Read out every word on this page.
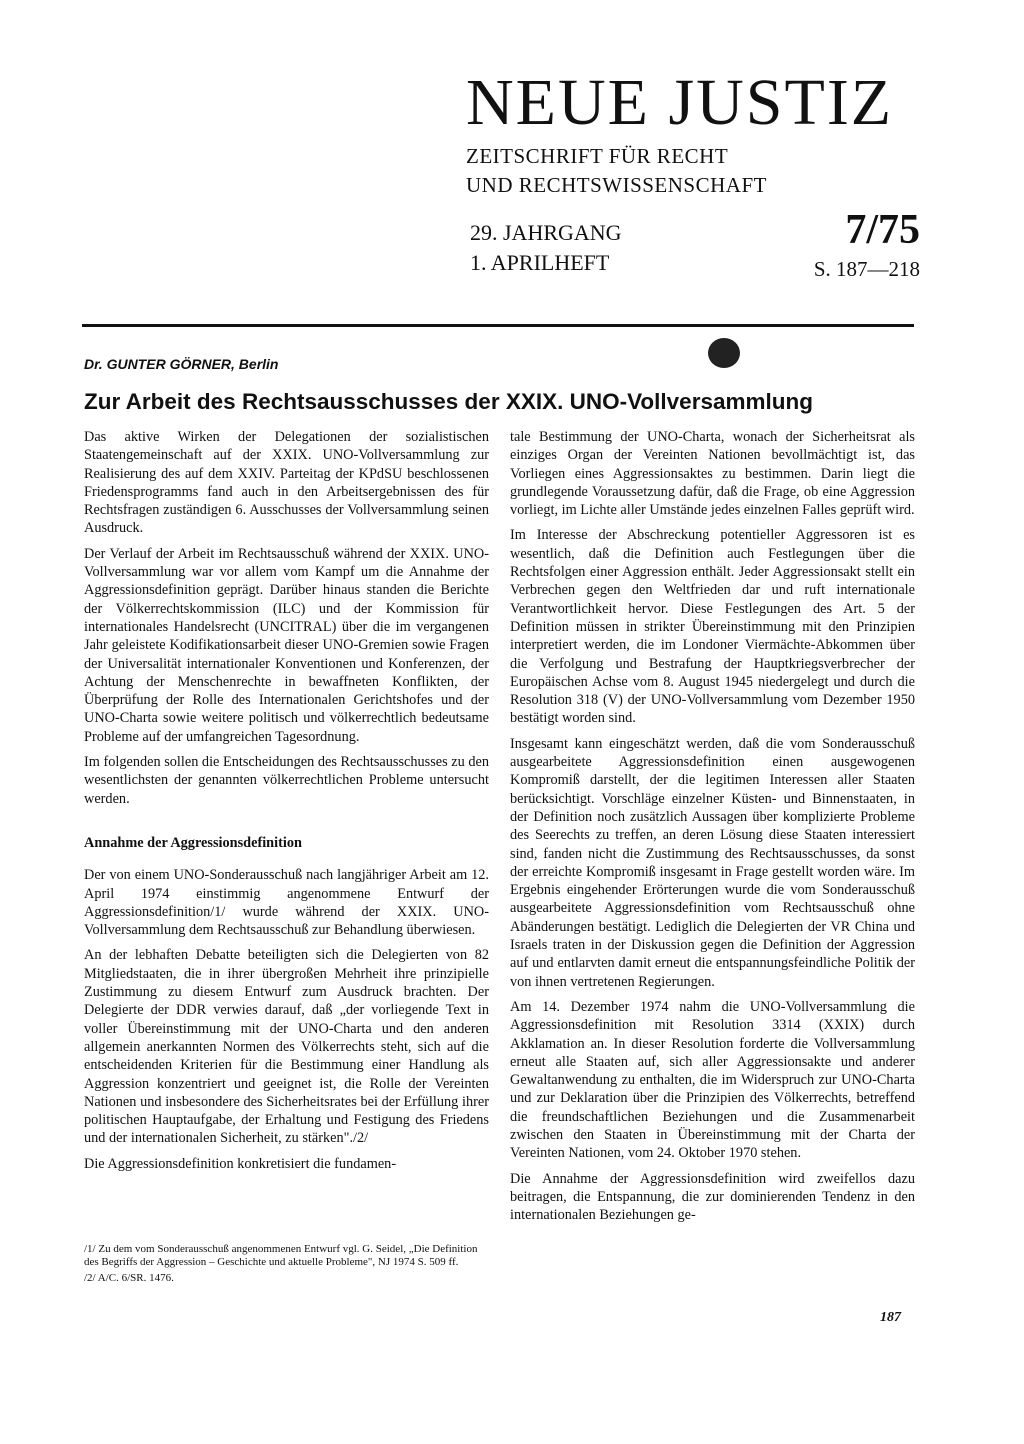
NEUE JUSTIZ
ZEITSCHRIFT FÜR RECHT
UND RECHTSWISSENSCHAFT
29. JAHRGANG
1. APRILHEFT
7/75
S. 187—218
Dr. GUNTER GÖRNER, Berlin
Zur Arbeit des Rechtsausschusses der XXIX. UNO-Vollversammlung

Das aktive Wirken der Delegationen der sozialistischen Staatengemeinschaft auf der XXIX. UNO-Vollversammlung zur Realisierung des auf dem XXIV. Parteitag der KPdSU beschlossenen Friedensprogramms fand auch in den Arbeitsergebnissen des für Rechtsfragen zuständigen 6. Ausschusses der Vollversammlung seinen Ausdruck.

Der Verlauf der Arbeit im Rechtsausschuß während der XXIX. UNO-Vollversammlung war vor allem vom Kampf um die Annahme der Aggressionsdefinition geprägt. Darüber hinaus standen die Berichte der Völkerrechtskommission (ILC) und der Kommission für internationales Handelsrecht (UNCITRAL) über die im vergangenen Jahr geleistete Kodifikationsarbeit dieser UNO-Gremien sowie Fragen der Universalität internationaler Konventionen und Konferenzen, der Achtung der Menschenrechte in bewaffneten Konflikten, der Überprüfung der Rolle des Internationalen Gerichtshofes und der UNO-Charta sowie weitere politisch und völkerrechtlich bedeutsame Probleme auf der umfangreichen Tagesordnung.

Im folgenden sollen die Entscheidungen des Rechtsausschusses zu den wesentlichsten der genannten völkerrechtlichen Probleme untersucht werden.

Annahme der Aggressionsdefinition

Der von einem UNO-Sonderausschuß nach langjähriger Arbeit am 12. April 1974 einstimmig angenommene Entwurf der Aggressionsdefinition/1/ wurde während der XXIX. UNO-Vollversammlung dem Rechtsausschuß zur Behandlung überwiesen.

An der lebhaften Debatte beteiligten sich die Delegierten von 82 Mitgliedstaaten, die in ihrer übergroßen Mehrheit ihre prinzipielle Zustimmung zu diesem Entwurf zum Ausdruck brachten. Der Delegierte der DDR verwies darauf, daß „der vorliegende Text in voller Übereinstimmung mit der UNO-Charta und den anderen allgemein anerkannten Normen des Völkerrechts steht, sich auf die entscheidenden Kriterien für die Bestimmung einer Handlung als Aggression konzentriert und geeignet ist, die Rolle der Vereinten Nationen und insbesondere des Sicherheitsrates bei der Erfüllung ihrer politischen Hauptaufgabe, der Erhaltung und Festigung des Friedens und der internationalen Sicherheit, zu stärken".​/2/

Die Aggressionsdefinition konkretisiert die fundamen-

tale Bestimmung der UNO-Charta, wonach der Sicherheitsrat als einziges Organ der Vereinten Nationen bevollmächtigt ist, das Vorliegen eines Aggressionsaktes zu bestimmen. Darin liegt die grundlegende Voraussetzung dafür, daß die Frage, ob eine Aggression vorliegt, im Lichte aller Umstände jedes einzelnen Falles geprüft wird.

Im Interesse der Abschreckung potentieller Aggressoren ist es wesentlich, daß die Definition auch Festlegungen über die Rechtsfolgen einer Aggression enthält. Jeder Aggressionsakt stellt ein Verbrechen gegen den Weltfrieden dar und ruft internationale Verantwortlichkeit hervor. Diese Festlegungen des Art. 5 der Definition müssen in strikter Übereinstimmung mit den Prinzipien interpretiert werden, die im Londoner Viermächte-Abkommen über die Verfolgung und Bestrafung der Hauptkriegsverbrecher der Europäischen Achse vom 8. August 1945 niedergelegt und durch die Resolution 318 (V) der UNO-Vollversammlung vom Dezember 1950 bestätigt worden sind.

Insgesamt kann eingeschätzt werden, daß die vom Sonderausschuß ausgearbeitete Aggressionsdefinition einen ausgewogenen Kompromiß darstellt, der die legitimen Interessen aller Staaten berücksichtigt. Vorschläge einzelner Küsten- und Binnenstaaten, in der Definition noch zusätzlich Aussagen über komplizierte Probleme des Seerechts zu treffen, an deren Lösung diese Staaten interessiert sind, fanden nicht die Zustimmung des Rechtsausschusses, da sonst der erreichte Kompromiß insgesamt in Frage gestellt worden wäre. Im Ergebnis eingehender Erörterungen wurde die vom Sonderausschuß ausgearbeitete Aggressionsdefinition vom Rechtsausschuß ohne Abänderungen bestätigt. Lediglich die Delegierten der VR China und Israels traten in der Diskussion gegen die Definition der Aggression auf und entlarvten damit erneut die entspannungsfeindliche Politik der von ihnen vertretenen Regierungen.

Am 14. Dezember 1974 nahm die UNO-Vollversammlung die Aggressionsdefinition mit Resolution 3314 (XXIX) durch Akklamation an. In dieser Resolution forderte die Vollversammlung erneut alle Staaten auf, sich aller Aggressionsakte und anderer Gewaltanwendung zu enthalten, die im Widerspruch zur UNO-Charta und zur Deklaration über die Prinzipien des Völkerrechts, betreffend die freundschaftlichen Beziehungen und die Zusammenarbeit zwischen den Staaten in Übereinstimmung mit der Charta der Vereinten Nationen, vom 24. Oktober 1970 stehen.

Die Annahme der Aggressionsdefinition wird zweifellos dazu beitragen, die Entspannung, die zur dominierenden Tendenz in den internationalen Beziehungen ge-

/1/ Zu dem vom Sonderausschuß angenommenen Entwurf vgl. G. Seidel, „Die Definition des Begriffs der Aggression – Geschichte und aktuelle Probleme", NJ 1974 S. 509 ff.

/2/ A/C. 6/SR. 1476.

187
